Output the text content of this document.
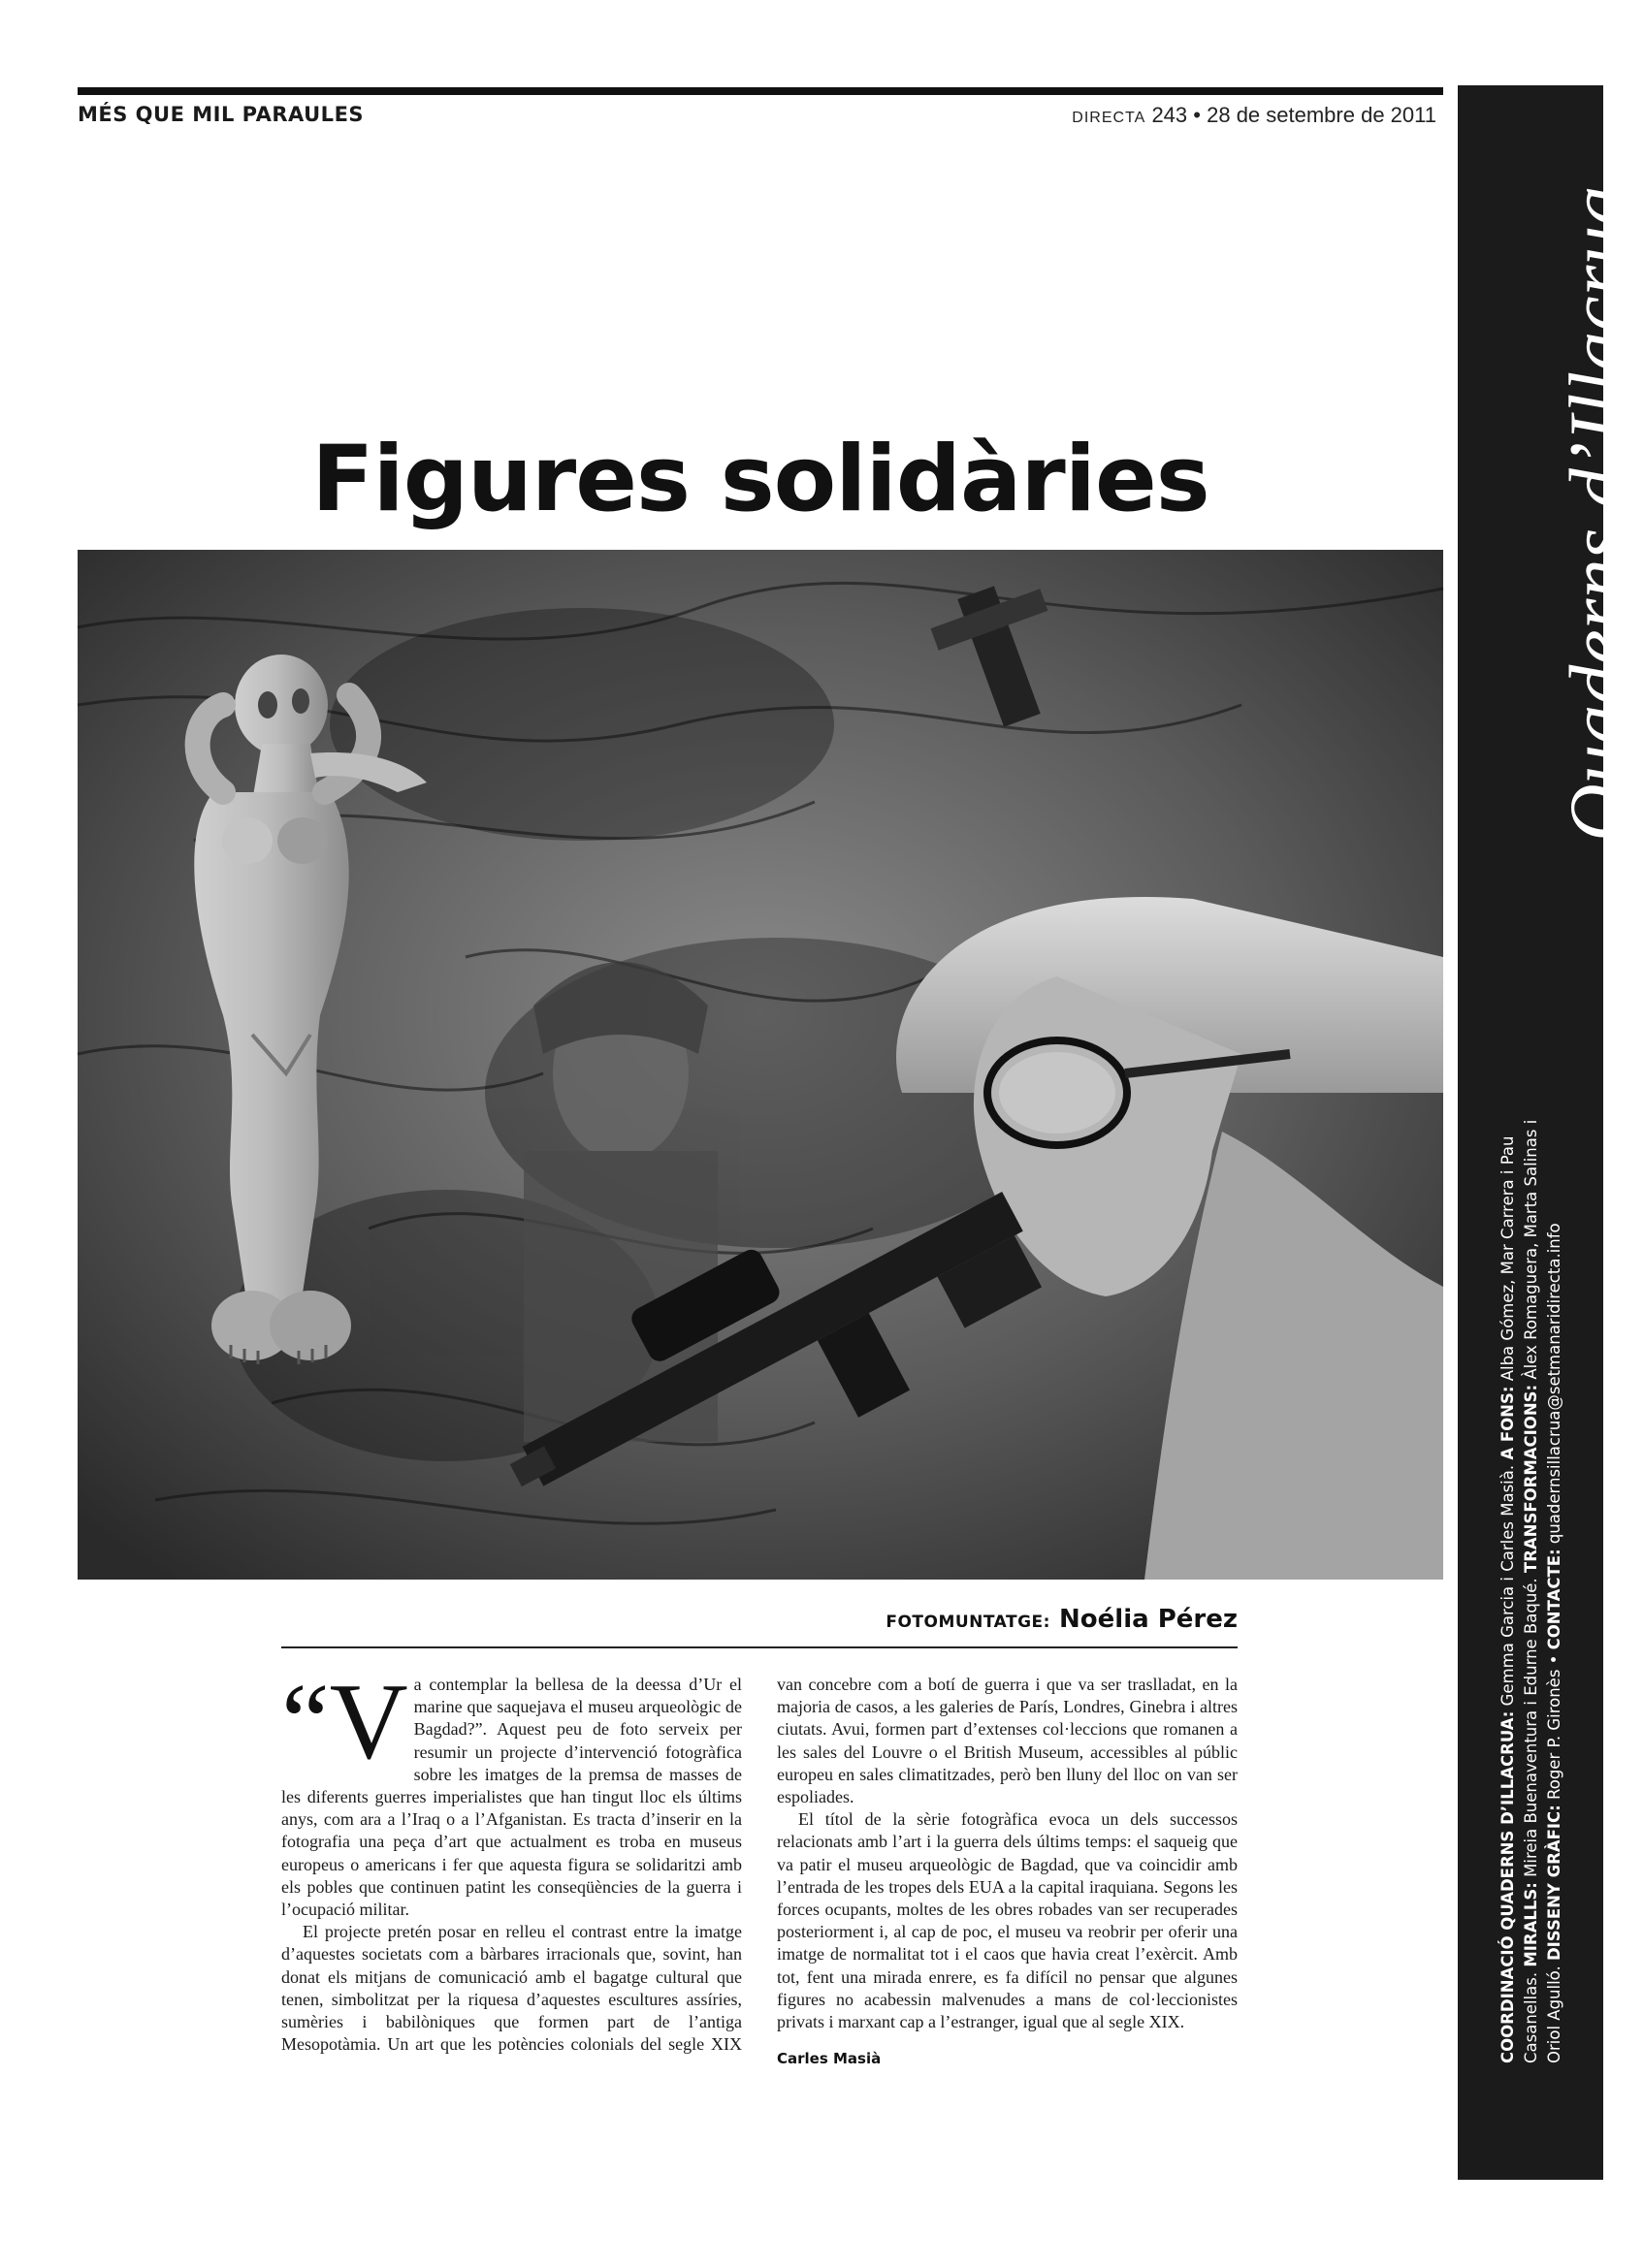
MÉS QUE MIL PARAULES	DIRECTA 243 • 28 de setembre de 2011
Quaderns d’Illacrua
COORDINACIÓ QUADERNS D’ILLACRUA: Gemma Garcia i Carles Masià. A FONS: Alba Gómez, Mar Carrera i Pau Casanellas. MIRALLS: Mireia Buenaventura i Edurne Baqué. TRANSFORMACIONS: Àlex Romaguera, Marta Salinas i Oriol Agulló. DISSENY GRÀFIC: Roger P. Gironès • CONTACTE: quadernsillacrua@setmanaridirecta.info
Figures solidàries
FOTOMUNTATGE: Noélia Pérez

“Va contemplar la bellesa de la deessa d’Ur el marine que saquejava el museu arqueològic de Bagdad?”. Aquest peu de foto serveix per resumir un projecte d’intervenció fotogràfica sobre les imatges de la premsa de masses de les diferents guerres imperialistes que han tingut lloc els últims anys, com ara a l’Iraq o a l’Afganistan. Es tracta d’inserir en la fotografia una peça d’art que actualment es troba en museus europeus o americans i fer que aquesta figura se solidaritzi amb els pobles que continuen patint les conseqüències de la guerra i l’ocupació militar.

El projecte pretén posar en relleu el contrast entre la imatge d’aquestes societats com a bàrbares irracionals que, sovint, han donat els mitjans de comunicació amb el bagatge cultural que tenen, simbolitzat per la riquesa d’aquestes escultures assíries, sumèries i babilòniques que formen part de l’antiga Mesopotàmia. Un art que les potències colonials del segle XIX van concebre com a botí de guerra i que va ser traslladat, en la majoria de casos, a les galeries de París, Londres, Ginebra i altres ciutats. Avui, formen part d’extenses col·leccions que romanen a les sales del Louvre o el British Museum, accessibles al públic europeu en sales climatitzades, però ben lluny del lloc on van ser espoliades.

El títol de la sèrie fotogràfica evoca un dels successos relacionats amb l’art i la guerra dels últims temps: el saqueig que va patir el museu arqueològic de Bagdad, que va coincidir amb l’entrada de les tropes dels EUA a la capital iraquiana. Segons les forces ocupants, moltes de les obres robades van ser recuperades posteriorment i, al cap de poc, el museu va reobrir per oferir una imatge de normalitat tot i el caos que havia creat l’exèrcit. Amb tot, fent una mirada enrere, es fa difícil no pensar que algunes figures no acabessin malvenudes a mans de col·leccionistes privats i marxant cap a l’estranger, igual que al segle XIX.

Carles Masià
